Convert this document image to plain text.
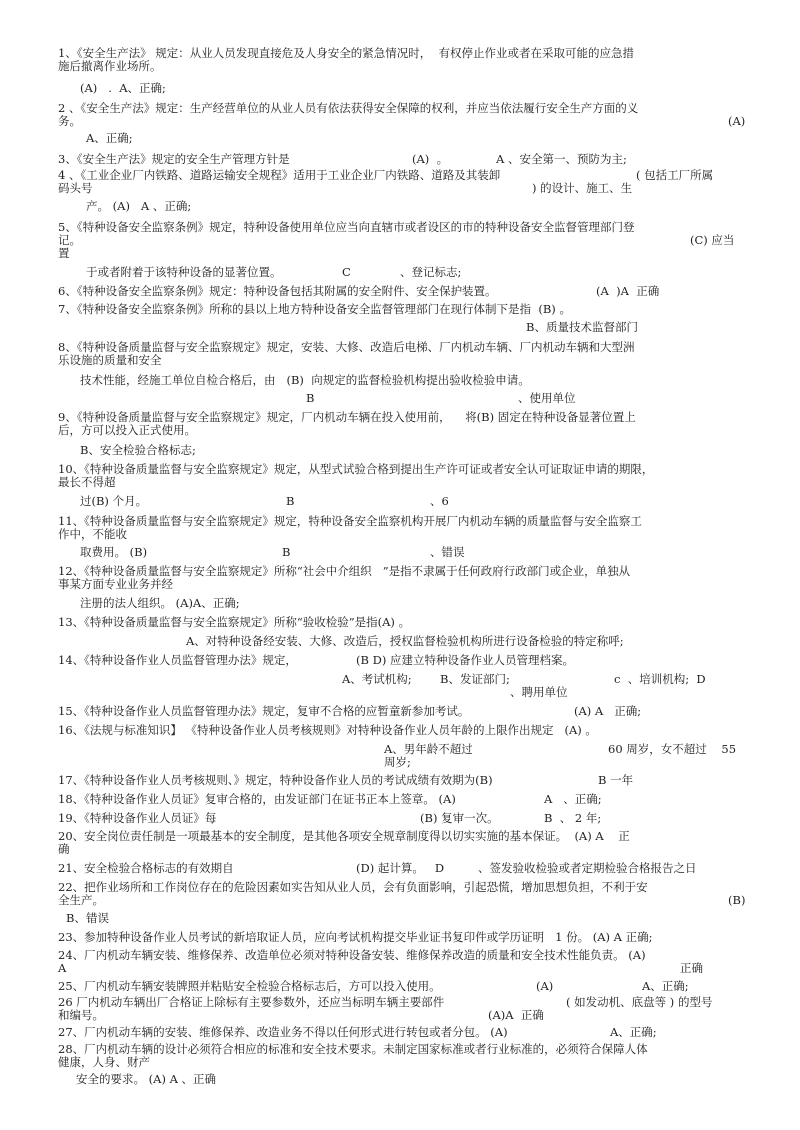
1、《安全生产法》 规定：从业人员发现直接危及人身安全的紧急情况时，  有权停止作业或者在采取可能的应急措
施后撤离作业场所。
(A)   .  A、正确;
2 、《安全生产法》规定：生产经营单位的从业人员有依法获得安全保障的权利，并应当依法履行安全生产方面的义
务。	(A)
A、正确;
3、《安全生产法》规定的安全生产管理方针是	(A)  。	A 、安全第一、预防为主;
4 、《工业企业厂内铁路、道路运输安全规程》适用于工业企业厂内铁路、道路及其装卸	( 包括工厂所属
码头号	) 的设计、施工、生
产。 (A)   A 、正确;
5、《特种设备安全监察条例》规定，特种设备使用单位应当向直辖市或者设区的市的特种设备安全监督管理部门登
记。	(C) 应当
置
于或者附着于该特种设备的显著位置。	C	、登记标志;
6、《特种设备安全监察条例》规定：特种设备包括其附属的安全附件、安全保护装置。	(A  )A  正确
7、《特种设备安全监察条例》所称的县以上地方特种设备安全监督管理部门在现行体制下是指  (B) 。
B、质量技术监督部门
8、《特种设备质量监督与安全监察规定》规定，安装、大修、改造后电梯、厂内机动车辆、厂内机动车辆和大型洲
乐设施的质量和安全
技术性能，经施工单位自检合格后，由   (B)  向规定的监督检验机构提出验收检验申请。
B	、使用单位
9、《特种设备质量监督与安全监察规定》规定，厂内机动车辆在投入使用前，    将(B) 固定在特种设备显著位置上
后，方可以投入正式使用。
B、安全检验合格标志;
10、《特种设备质量监督与安全监察规定》规定，从型式试验合格到提出生产许可证或者安全认可证取证申请的期限，
最长不得超
过(B) 个月。	B	、6
11、《特种设备质量监督与安全监察规定》规定，特种设备安全监察机构开展厂内机动车辆的质量监督与安全监察工
作中，不能收
取费用。 (B)	B	、错误
12、《特种设备质量监督与安全监察规定》所称“社会中介组织   ”是指不隶属于任何政府行政部门或企业，单独从
事某方面专业业务并经
注册的法人组织。 (A)A、正确;
13、《特种设备质量监督与安全监察规定》所称“验收检验”是指(A) 。
A、对特种设备经安装、大修、改造后，授权监督检验机构所进行设备检验的特定称呼;
14、《特种设备作业人员监督管理办法》规定，	(B D) 应建立特种设备作业人员管理档案。
A、考试机构; B、发证部门;	c  、培训机构;  D
、聘用单位
15、《特种设备作业人员监督管理办法》规定，复审不合格的应暂童新参加考试。	(A) A   正确;
16、《法规与标准知识】 《特种设备作业人员考核规则》对特种设备作业人员年龄的上限作出规定   (A) 。
A、男年龄不超过	60 周岁，女不超过    55
周岁;
17、《特种设备作业人员考核规则、》规定，特种设备作业人员的考试成绩有效期为(B)	B 一年
18、《特种设备作业人员证》复审合格的，由发证部门在证书正本上签章。 (A)	A   、正确;
19、《特种设备作业人员证》每	(B) 复审一次。	B  、 2 年;
20、安全岗位责任制是一项最基本的安全制度，是其他各项安全规章制度得以切实实施的基本保证。  (A) A    正
确
21、安全检验合格标志的有效期自	(D) 起计算。   D	、签发验收检验或者定期检验合格报告之日
22、把作业场所和工作岗位存在的危险因素如实告知从业人员，会有负面影响，引起恐慌，增加思想负担，不利于安
全生产。	(B)
B、错误
23、参加特种设备作业人员考试的新培取证人员，应向考试机构提交毕业证书复印件或学历证明   1 份。 (A) A 正确;
24、厂内机动车辆安装、维修保养、改造单位必须对特种设备安装、维修保养改造的质量和安全技术性能负责。 (A)
A	正确
25、厂内机动车辆安装牌照并粘贴安全检验合格标志后，方可以投入使用。	(A)	A、正确;
26 厂内机动车辆出厂合格证上除标有主要参数外，还应当标明车辆主要部件	( 如发动机、底盘等 ) 的型号
和编号。	(A)A  正确
27、厂内机动车辆的安装、维修保养、改造业务不得以任何形式进行转包或者分包。 (A)	A、正确;
28、厂内机动车辆的设计必须符合相应的标准和安全技术要求。未制定国家标准或者行业标准的，必须符合保障人体
健康，人身、财产
安全的要求。 (A) A 、正确
